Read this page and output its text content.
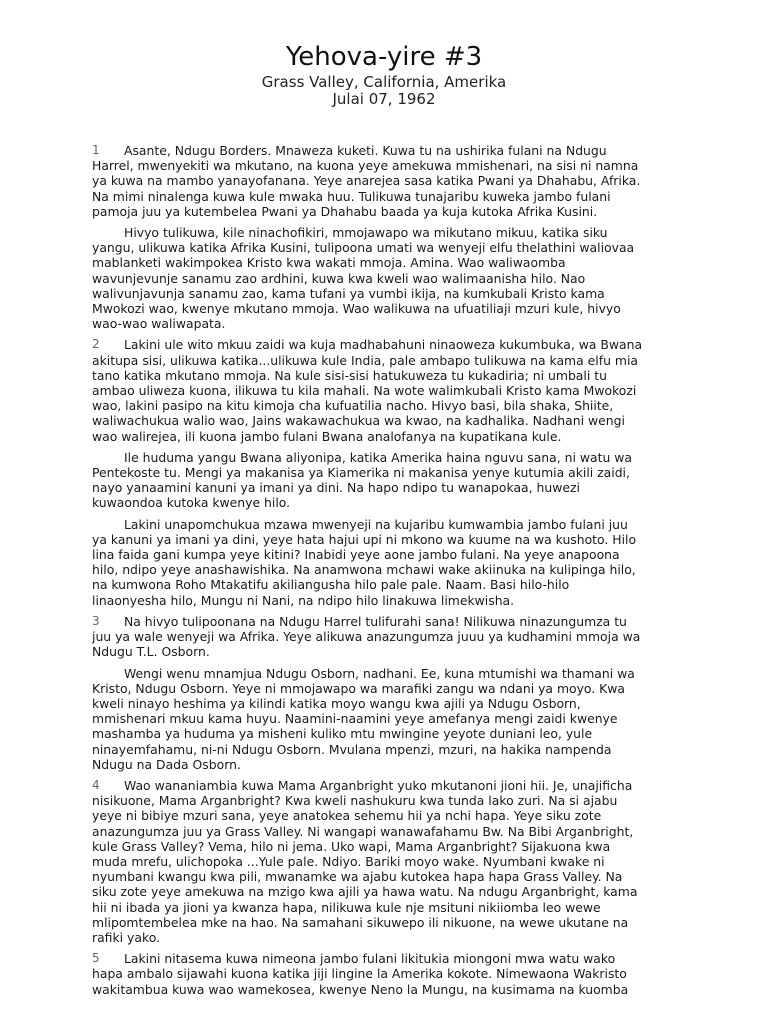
Yehova-yire #3
Grass Valley, California, Amerika
Julai 07, 1962
1	Asante, Ndugu Borders. Mnaweza kuketi. Kuwa tu na ushirika fulani na Ndugu
Harrel, mwenyekiti wa mkutano, na kuona yeye amekuwa mmishenari, na sisi ni namna
ya kuwa na mambo yanayofanana. Yeye anarejea sasa katika Pwani ya Dhahabu, Afrika.
Na mimi ninalenga kuwa kule mwaka huu. Tulikuwa tunajaribu kuweka jambo fulani
pamoja juu ya kutembelea Pwani ya Dhahabu baada ya kuja kutoka Afrika Kusini.
Hivyo tulikuwa, kile ninachofikiri, mmojawapo wa mikutano mikuu, katika siku
yangu, ulikuwa katika Afrika Kusini, tulipoona umati wa wenyeji elfu thelathini waliovaa
mablanketi wakimpokea Kristo kwa wakati mmoja. Amina. Wao waliwaomba
wavunjevunje sanamu zao ardhini, kuwa kwa kweli wao walimaanisha hilo. Nao
walivunjavunja sanamu zao, kama tufani ya vumbi ikija, na kumkubali Kristo kama
Mwokozi wao, kwenye mkutano mmoja. Wao walikuwa na ufuatiliaji mzuri kule, hivyo
wao-wao waliwapata.
2	Lakini ule wito mkuu zaidi wa kuja madhabahuni ninaoweza kukumbuka, wa Bwana
akitupa sisi, ulikuwa katika...ulikuwa kule India, pale ambapo tulikuwa na kama elfu mia
tano katika mkutano mmoja. Na kule sisi-sisi hatukuweza tu kukadiria; ni umbali tu
ambao uliweza kuona, ilikuwa tu kila mahali. Na wote walimkubali Kristo kama Mwokozi
wao, lakini pasipo na kitu kimoja cha kufuatilia nacho. Hivyo basi, bila shaka, Shiite,
waliwachukua walio wao, Jains wakawachukua wa kwao, na kadhalika. Nadhani wengi
wao walirejea, ili kuona jambo fulani Bwana analofanya na kupatikana kule.
Ile huduma yangu Bwana aliyonipa, katika Amerika haina nguvu sana, ni watu wa
Pentekoste tu. Mengi ya makanisa ya Kiamerika ni makanisa yenye kutumia akili zaidi,
nayo yanaamini kanuni ya imani ya dini. Na hapo ndipo tu wanapokaa, huwezi
kuwaondoa kutoka kwenye hilo.
Lakini unapomchukua mzawa mwenyeji na kujaribu kumwambia jambo fulani juu
ya kanuni ya imani ya dini, yeye hata hajui upi ni mkono wa kuume na wa kushoto. Hilo
lina faida gani kumpa yeye kitini? Inabidi yeye aone jambo fulani. Na yeye anapoona
hilo, ndipo yeye anashawishika. Na anamwona mchawi wake akiinuka na kulipinga hilo,
na kumwona Roho Mtakatifu akiliangusha hilo pale pale. Naam. Basi hilo-hilo
linaonyesha hilo, Mungu ni Nani, na ndipo hilo linakuwa limekwisha.
3	Na hivyo tulipoonana na Ndugu Harrel tulifurahi sana! Nilikuwa ninazungumza tu
juu ya wale wenyeji wa Afrika. Yeye alikuwa anazungumza juuu ya kudhamini mmoja wa
Ndugu T.L. Osborn.
Wengi wenu mnamjua Ndugu Osborn, nadhani. Ee, kuna mtumishi wa thamani wa
Kristo, Ndugu Osborn. Yeye ni mmojawapo wa marafiki zangu wa ndani ya moyo. Kwa
kweli ninayo heshima ya kilindi katika moyo wangu kwa ajili ya Ndugu Osborn,
mmishenari mkuu kama huyu. Naamini-naamini yeye amefanya mengi zaidi kwenye
mashamba ya huduma ya misheni kuliko mtu mwingine yeyote duniani leo, yule
ninayemfahamu, ni-ni Ndugu Osborn. Mvulana mpenzi, mzuri, na hakika nampenda
Ndugu na Dada Osborn.
4	Wao wananiambia kuwa Mama Arganbright yuko mkutanoni jioni hii. Je, unajificha
nisikuone, Mama Arganbright? Kwa kweli nashukuru kwa tunda lako zuri. Na si ajabu
yeye ni bibiye mzuri sana, yeye anatokea sehemu hii ya nchi hapa. Yeye siku zote
anazungumza juu ya Grass Valley. Ni wangapi wanawafahamu Bw. Na Bibi Arganbright,
kule Grass Valley? Vema, hilo ni jema. Uko wapi, Mama Arganbright? Sijakuona kwa
muda mrefu, ulichopoka ...Yule pale. Ndiyo. Bariki moyo wake. Nyumbani kwake ni
nyumbani kwangu kwa pili, mwanamke wa ajabu kutokea hapa hapa Grass Valley. Na
siku zote yeye amekuwa na mzigo kwa ajili ya hawa watu. Na ndugu Arganbright, kama
hii ni ibada ya jioni ya kwanza hapa, nilikuwa kule nje msituni nikiiomba leo wewe
mlipomtembelea mke na hao. Na samahani sikuwepo ili nikuone, na wewe ukutane na
rafiki yako.
5	Lakini nitasema kuwa nimeona jambo fulani likitukia miongoni mwa watu wako
hapa ambalo sijawahi kuona katika jiji lingine la Amerika kokote. Nimewaona Wakristo
wakitambua kuwa wao wamekosea, kwenye Neno la Mungu, na kusimama na kuomba
